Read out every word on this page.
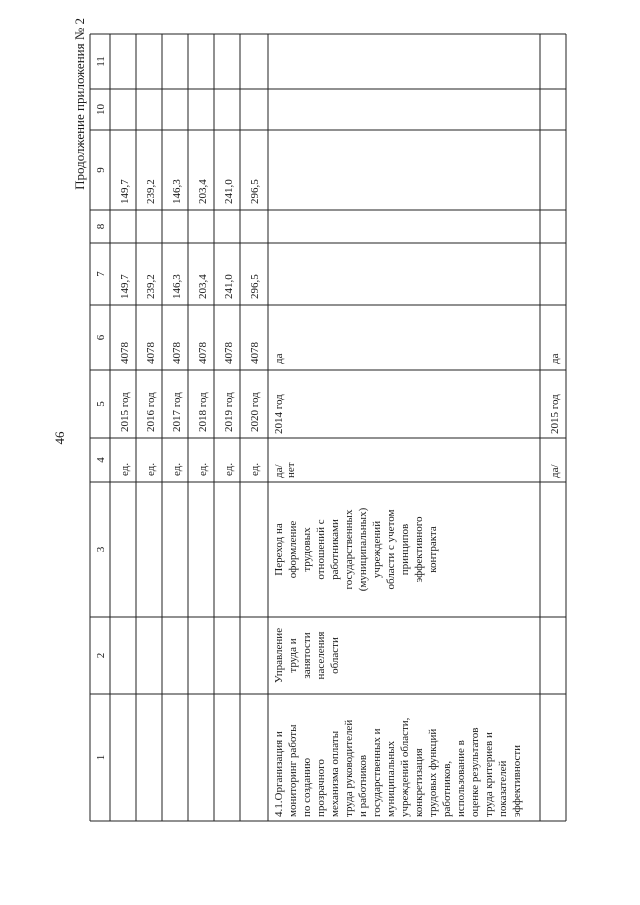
46
Продолжение приложения № 2
1
2
3
4
5
6
7
8
9
10
11
ед.
2015 год
4078
149,7
149,7
ед.
2016 год
4078
239,2
239,2
ед.
2017 год
4078
146,3
146,3
ед.
2018 год
4078
203,4
203,4
ед.
2019 год
4078
241,0
241,0
ед.
2020 год
4078
296,5
296,5
4.1.Организация и мониторинг работы по созданию прозрачного механизма оплаты труда руководителей и работников государственных и муниципальных учреждений области, конкретизация трудовых функций работников, использование в оценке результатов труда критериев и показателей эффективности
Управление труда и занятости населения области
Переход на оформление трудовых отношений с работниками государственных (муниципальных) учреждений области с учетом принципов эффективного контракта
да/ нет
2014 год
да
да/
2015 год
да
